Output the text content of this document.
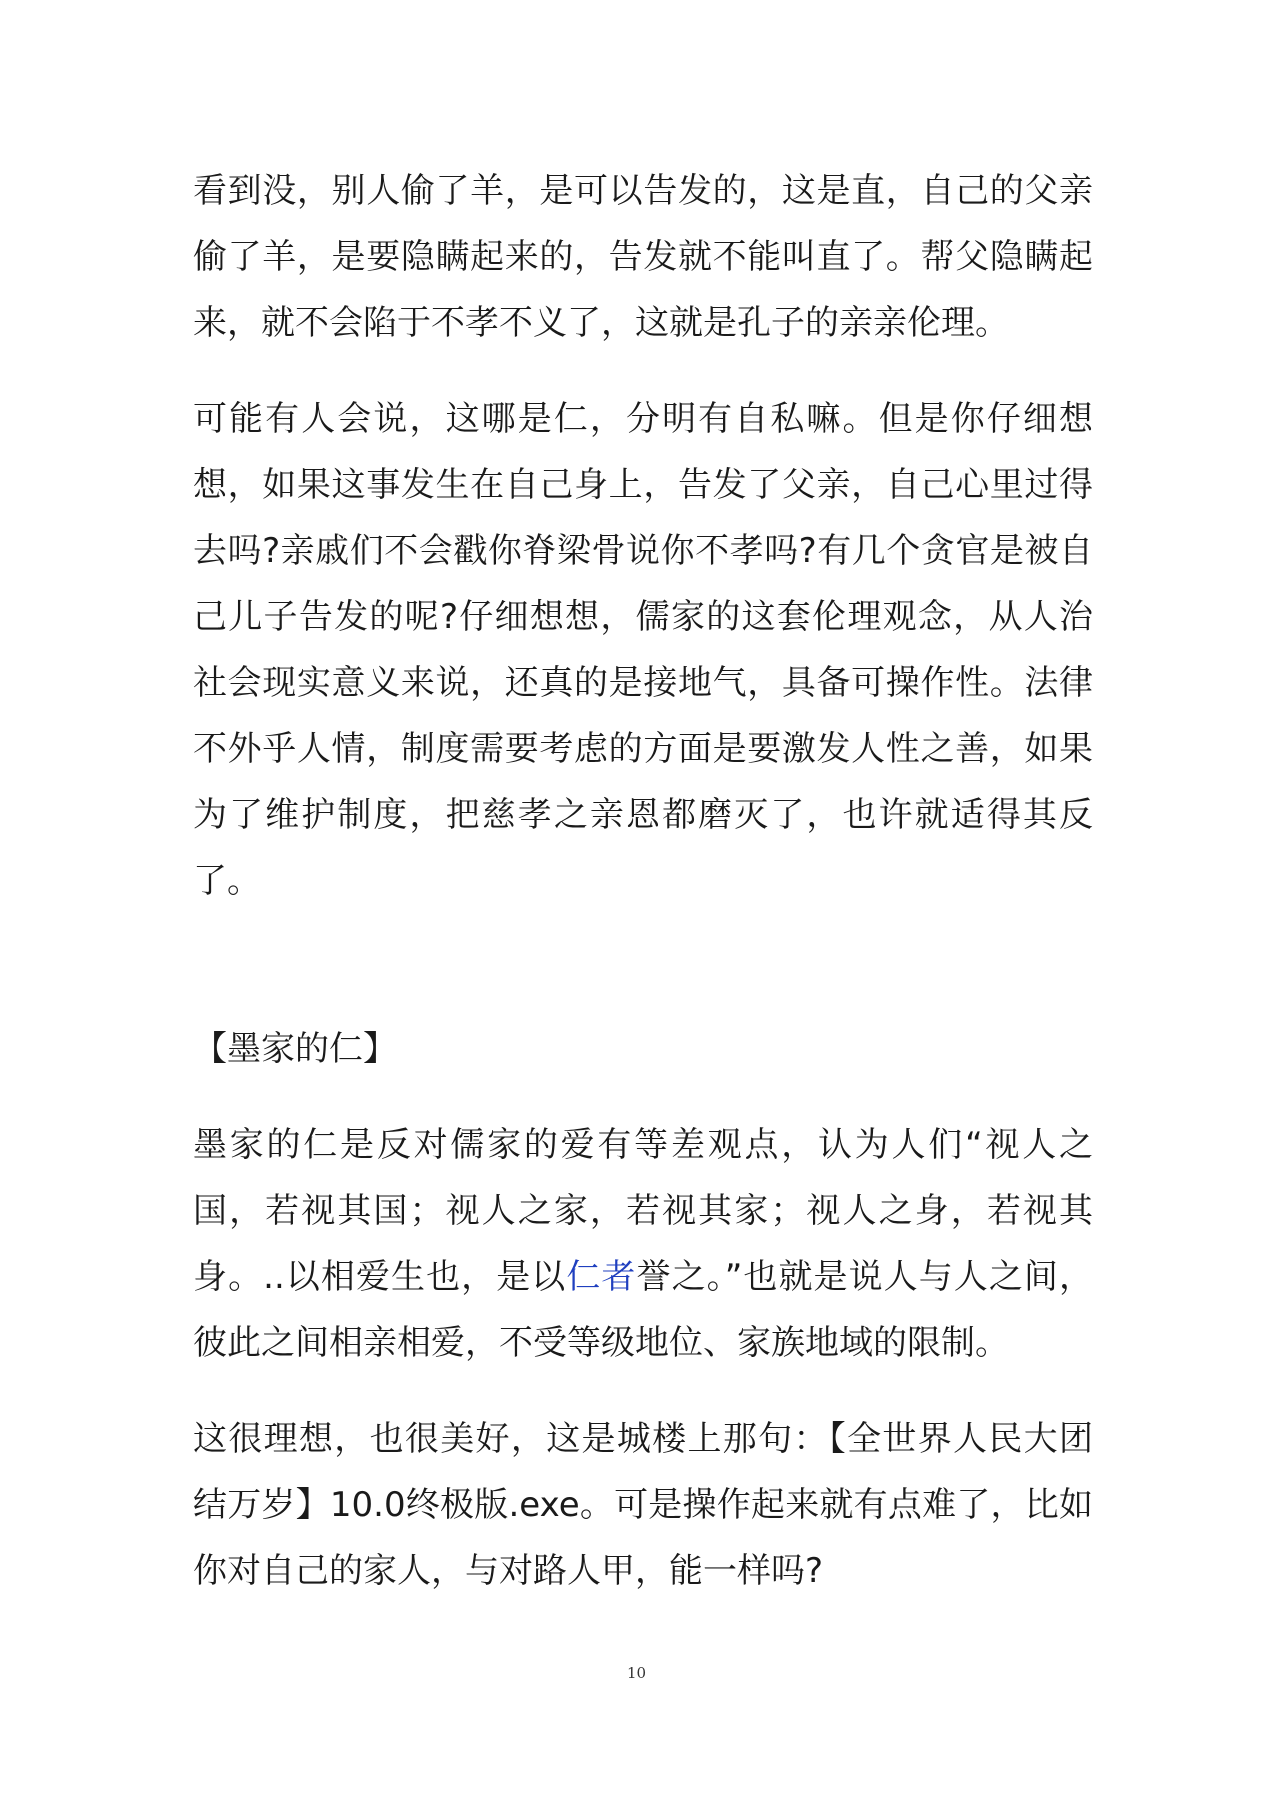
看到没，别人偷了羊，是可以告发的，这是直，自己的父亲偷了羊，是要隐瞒起来的，告发就不能叫直了。帮父隐瞒起来，就不会陷于不孝不义了，这就是孔子的亲亲伦理。

可能有人会说，这哪是仁，分明有自私嘛。但是你仔细想想，如果这事发生在自己身上，告发了父亲，自己心里过得去吗?亲戚们不会戳你脊梁骨说你不孝吗?有几个贪官是被自己儿子告发的呢?仔细想想，儒家的这套伦理观念，从人治社会现实意义来说，还真的是接地气，具备可操作性。法律不外乎人情，制度需要考虑的方面是要激发人性之善，如果为了维护制度，把慈孝之亲恩都磨灭了，也许就适得其反了。

【墨家的仁】

墨家的仁是反对儒家的爱有等差观点，认为人们“视人之国，若视其国；视人之家，若视其家；视人之身，若视其身。..以相爱生也，是以仁者誉之。”也就是说人与人之间，彼此之间相亲相爱，不受等级地位、家族地域的限制。

这很理想，也很美好，这是城楼上那句：【全世界人民大团结万岁】10.0终极版.exe。可是操作起来就有点难了，比如你对自己的家人，与对路人甲，能一样吗?

10
